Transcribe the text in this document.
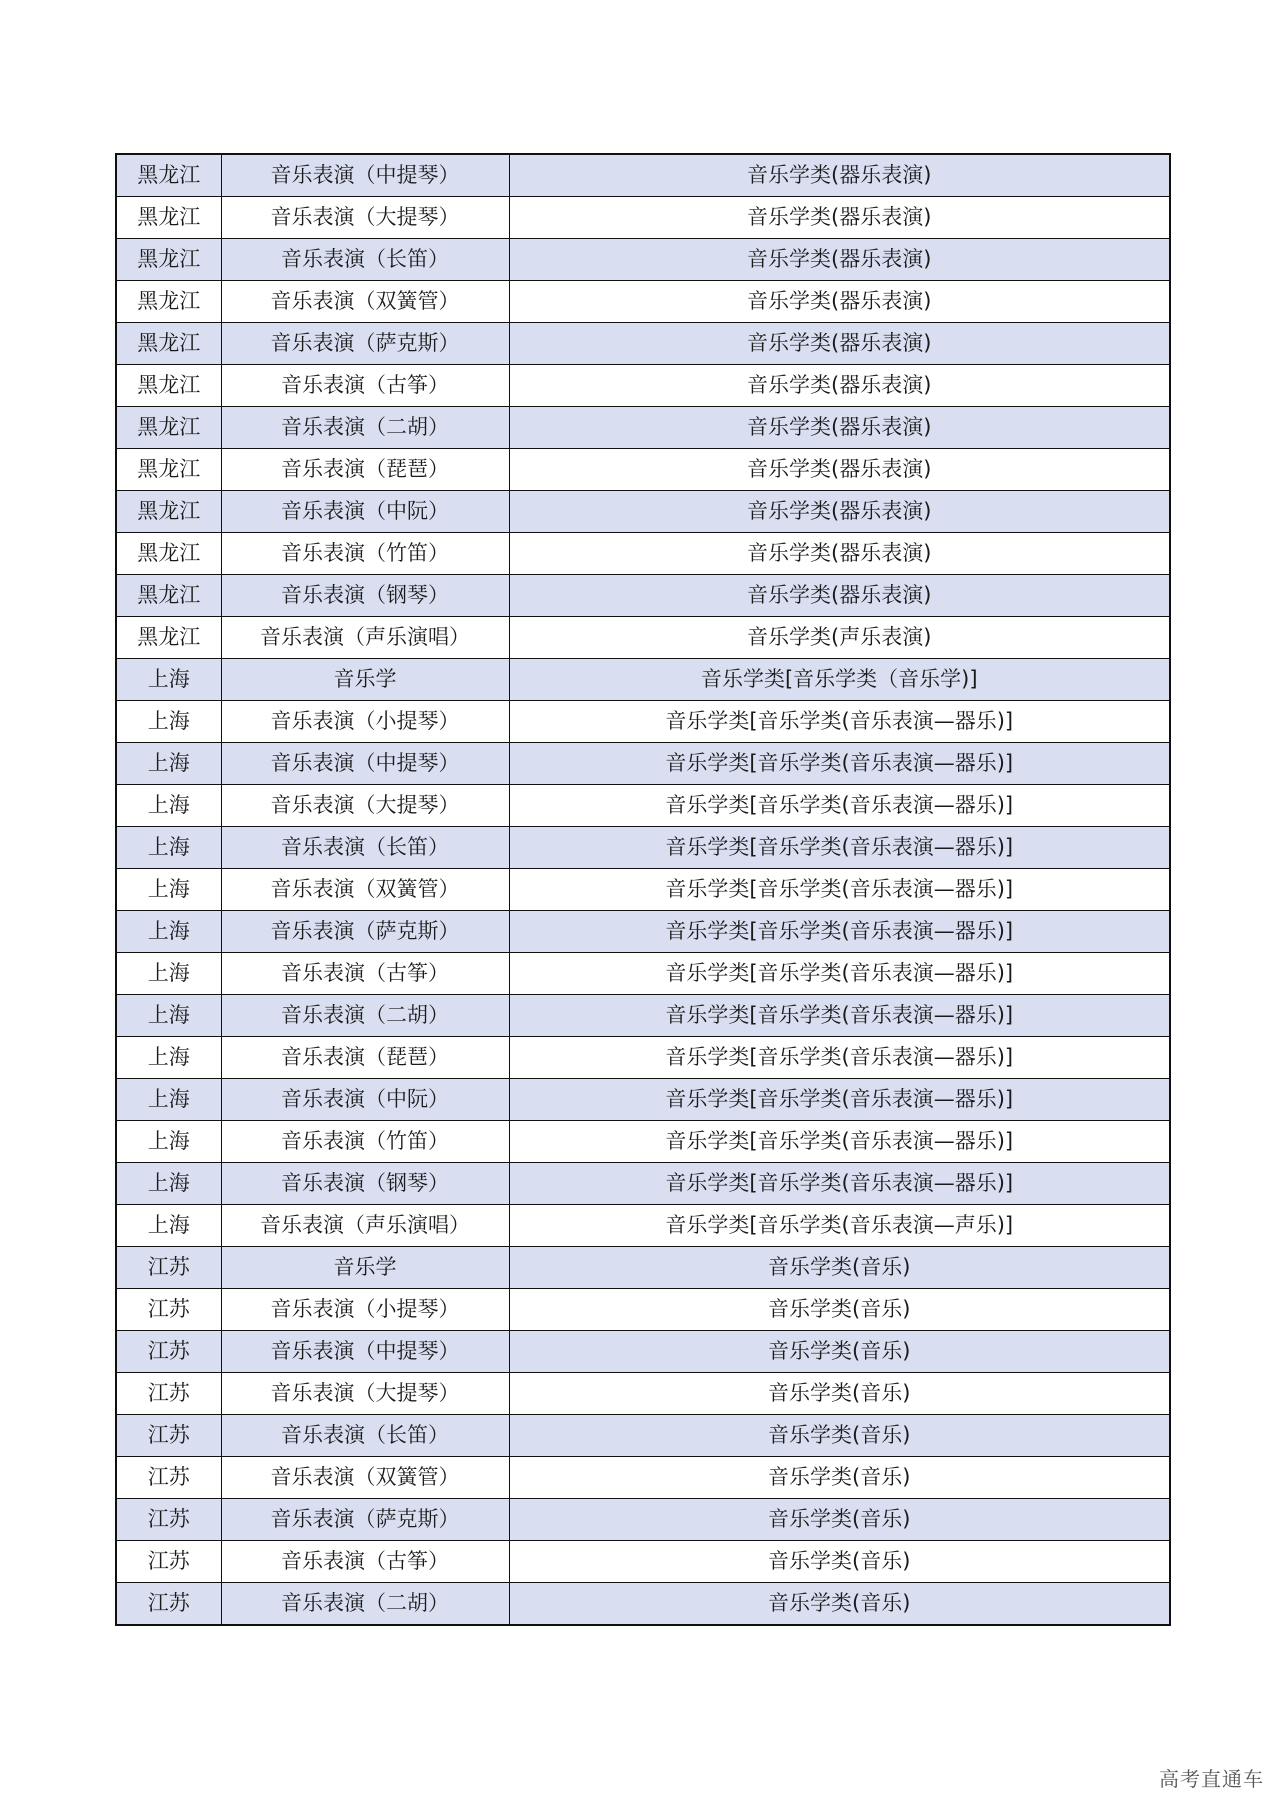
黑龙江	音乐表演（中提琴）	音乐学类(器乐表演)
黑龙江	音乐表演（大提琴）	音乐学类(器乐表演)
黑龙江	音乐表演（长笛）	音乐学类(器乐表演)
黑龙江	音乐表演（双簧管）	音乐学类(器乐表演)
黑龙江	音乐表演（萨克斯）	音乐学类(器乐表演)
黑龙江	音乐表演（古筝）	音乐学类(器乐表演)
黑龙江	音乐表演（二胡）	音乐学类(器乐表演)
黑龙江	音乐表演（琵琶）	音乐学类(器乐表演)
黑龙江	音乐表演（中阮）	音乐学类(器乐表演)
黑龙江	音乐表演（竹笛）	音乐学类(器乐表演)
黑龙江	音乐表演（钢琴）	音乐学类(器乐表演)
黑龙江	音乐表演（声乐演唱）	音乐学类(声乐表演)
上海	音乐学	音乐学类[音乐学类（音乐学)]
上海	音乐表演（小提琴）	音乐学类[音乐学类(音乐表演—器乐)]
上海	音乐表演（中提琴）	音乐学类[音乐学类(音乐表演—器乐)]
上海	音乐表演（大提琴）	音乐学类[音乐学类(音乐表演—器乐)]
上海	音乐表演（长笛）	音乐学类[音乐学类(音乐表演—器乐)]
上海	音乐表演（双簧管）	音乐学类[音乐学类(音乐表演—器乐)]
上海	音乐表演（萨克斯）	音乐学类[音乐学类(音乐表演—器乐)]
上海	音乐表演（古筝）	音乐学类[音乐学类(音乐表演—器乐)]
上海	音乐表演（二胡）	音乐学类[音乐学类(音乐表演—器乐)]
上海	音乐表演（琵琶）	音乐学类[音乐学类(音乐表演—器乐)]
上海	音乐表演（中阮）	音乐学类[音乐学类(音乐表演—器乐)]
上海	音乐表演（竹笛）	音乐学类[音乐学类(音乐表演—器乐)]
上海	音乐表演（钢琴）	音乐学类[音乐学类(音乐表演—器乐)]
上海	音乐表演（声乐演唱）	音乐学类[音乐学类(音乐表演—声乐)]
江苏	音乐学	音乐学类(音乐)
江苏	音乐表演（小提琴）	音乐学类(音乐)
江苏	音乐表演（中提琴）	音乐学类(音乐)
江苏	音乐表演（大提琴）	音乐学类(音乐)
江苏	音乐表演（长笛）	音乐学类(音乐)
江苏	音乐表演（双簧管）	音乐学类(音乐)
江苏	音乐表演（萨克斯）	音乐学类(音乐)
江苏	音乐表演（古筝）	音乐学类(音乐)
江苏	音乐表演（二胡）	音乐学类(音乐)
高考直通车
